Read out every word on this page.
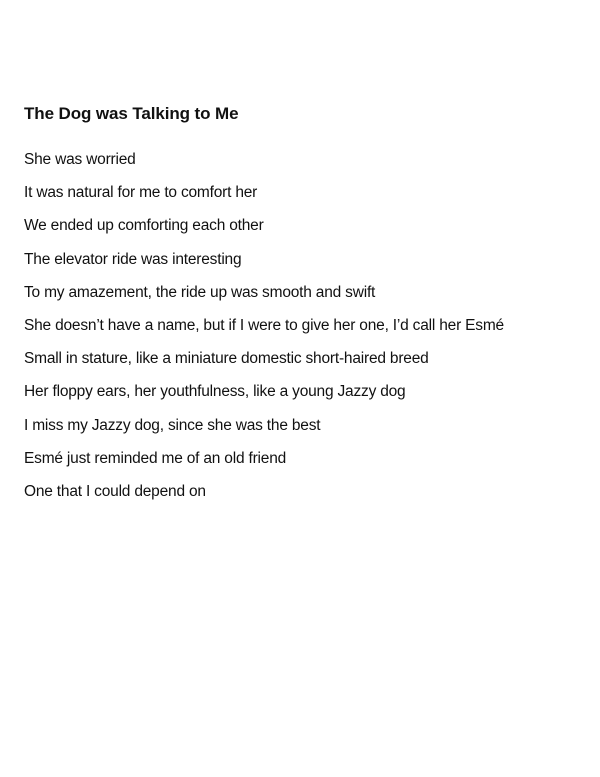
The Dog was Talking to Me
She was worried
It was natural for me to comfort her
We ended up comforting each other
The elevator ride was interesting
To my amazement, the ride up was smooth and swift
She doesn’t have a name, but if I were to give her one, I’d call her Esmé
Small in stature, like a miniature domestic short-haired breed
Her floppy ears, her youthfulness, like a young Jazzy dog
I miss my Jazzy dog, since she was the best
Esmé just reminded me of an old friend
One that I could depend on
